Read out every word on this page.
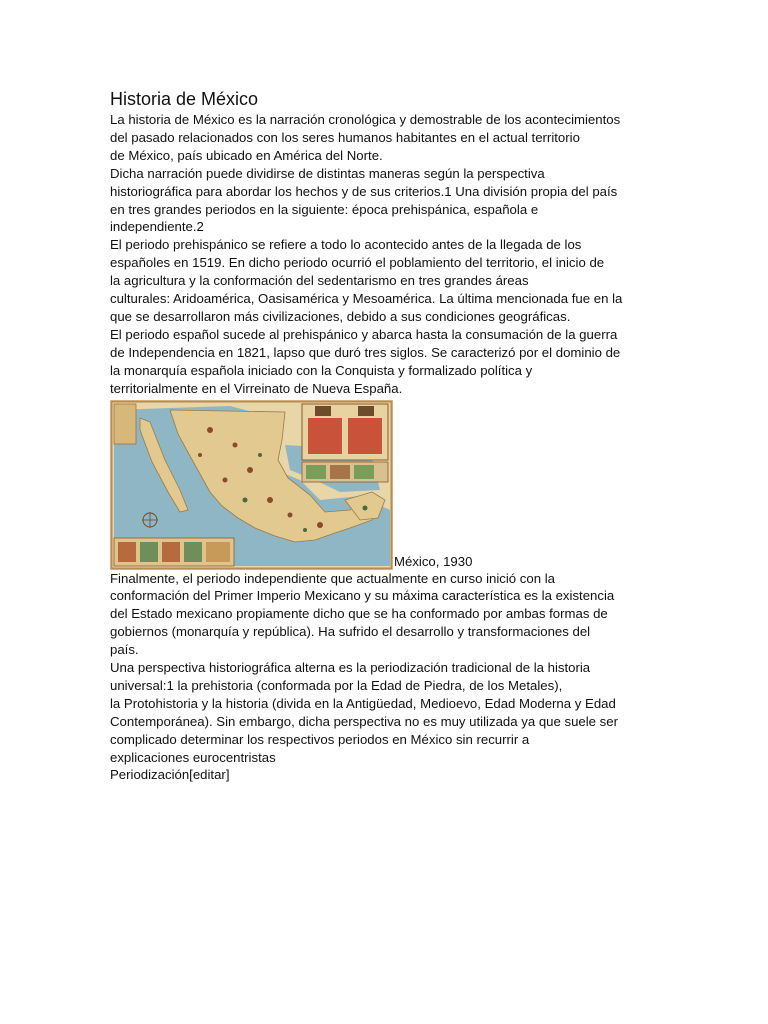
Historia de México

La historia de México es la narración cronológica y demostrable de los acontecimientos
del pasado relacionados con los seres humanos habitantes en el actual territorio
de México, país ubicado en América del Norte.

Dicha narración puede dividirse de distintas maneras según la perspectiva
historiográfica para abordar los hechos y de sus criterios.1 Una división propia del país
en tres grandes periodos en la siguiente: época prehispánica, española e
independiente.2

El periodo prehispánico se refiere a todo lo acontecido antes de la llegada de los
españoles en 1519. En dicho periodo ocurrió el poblamiento del territorio, el inicio de
la agricultura y la conformación del sedentarismo en tres grandes áreas
culturales: Aridoamérica, Oasisamérica y Mesoamérica. La última mencionada fue en la
que se desarrollaron más civilizaciones, debido a sus condiciones geográficas.

El periodo español sucede al prehispánico y abarca hasta la consumación de la guerra
de Independencia en 1821, lapso que duró tres siglos. Se caracterizó por el dominio de
la monarquía española iniciado con la Conquista y formalizado política y
territorialmente en el Virreinato de Nueva España.

México, 1930

Finalmente, el periodo independiente que actualmente en curso inició con la
conformación del Primer Imperio Mexicano y su máxima característica es la existencia
del Estado mexicano propiamente dicho que se ha conformado por ambas formas de
gobiernos (monarquía y república). Ha sufrido el desarrollo y transformaciones del
país.

Una perspectiva historiográfica alterna es la periodización tradicional de la historia
universal:1 la prehistoria (conformada por la Edad de Piedra, de los Metales),
la Protohistoria y la historia (divida en la Antigüedad, Medioevo, Edad Moderna y Edad
Contemporánea). Sin embargo, dicha perspectiva no es muy utilizada ya que suele ser
complicado determinar los respectivos periodos en México sin recurrir a
explicaciones eurocentristas

Periodización[editar]
